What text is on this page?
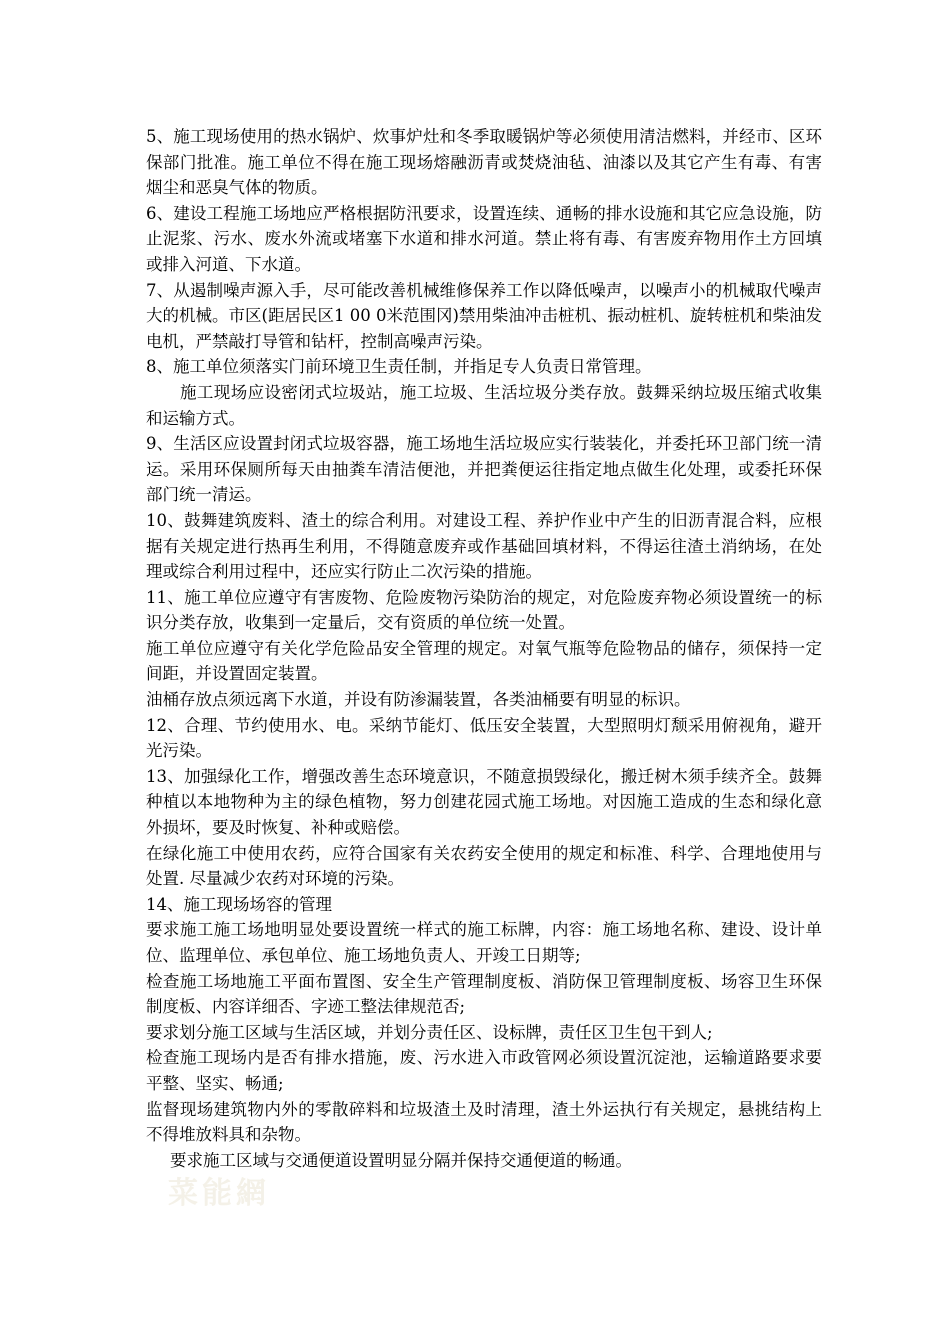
5、施工现场使用的热水锅炉、炊事炉灶和冬季取暖锅炉等必须使用清洁燃料，并经市、区环保部门批准。施工单位不得在施工现场熔融沥青或焚烧油毡、油漆以及其它产生有毒、有害烟尘和恶臭气体的物质。

6、建设工程施工场地应严格根据防汛要求，设置连续、通畅的排水设施和其它应急设施，防止泥浆、污水、废水外流或堵塞下水道和排水河道。禁止将有毒、有害废弃物用作土方回填或排入河道、下水道。

7、从遏制噪声源入手，尽可能改善机械维修保养工作以降低噪声，以噪声小的机械取代噪声大的机械。市区(距居民区1 00 0米范围冈)禁用柴油冲击桩机、振动桩机、旋转桩机和柴油发电机，严禁敲打导管和钻杆，控制高噪声污染。

8、施工单位须落实门前环境卫生责任制，并指足专人负责日常管理。

施工现场应设密闭式垃圾站，施工垃圾、生活垃圾分类存放。鼓舞采纳垃圾压缩式收集和运输方式。

9、生活区应设置封闭式垃圾容器，施工场地生活垃圾应实行装装化，并委托环卫部门统一清运。采用环保厕所每天由抽粪车清洁便池，并把粪便运往指定地点做生化处理，或委托环保部门统一清运。

10、鼓舞建筑废料、渣土的综合利用。对建设工程、养护作业中产生的旧沥青混合料，应根据有关规定进行热再生利用，不得随意废弃或作基础回填材料，不得运往渣土消纳场，在处理或综合利用过程中，还应实行防止二次污染的措施。

11、施工单位应遵守有害废物、危险废物污染防治的规定，对危险废弃物必须设置统一的标识分类存放，收集到一定量后，交有资质的单位统一处置。

施工单位应遵守有关化学危险品安全管理的规定。对氧气瓶等危险物品的储存，须保持一定间距，并设置固定装置。

油桶存放点须远离下水道，并设有防渗漏装置，各类油桶要有明显的标识。

12、合理、节约使用水、电。采纳节能灯、低压安全装置，大型照明灯颓采用俯视角，避开光污染。

13、加强绿化工作，增强改善生态环境意识，不随意损毁绿化，搬迁树木须手续齐全。鼓舞种植以本地物种为主的绿色植物，努力创建花园式施工场地。对因施工造成的生态和绿化意外损坏，要及时恢复、补种或赔偿。

在绿化施工中使用农药，应符合国家有关农药安全使用的规定和标准、科学、合理地使用与处置. 尽量减少农药对环境的污染。

14、施工现场场容的管理

要求施工施工场地明显处要设置统一样式的施工标牌，内容：施工场地名称、建设、设计单位、监理单位、承包单位、施工场地负责人、开竣工日期等;

检查施工场地施工平面布置图、安全生产管理制度板、消防保卫管理制度板、场容卫生环保制度板、内容详细否、字迹工整法律规范否;

要求划分施工区域与生活区域，并划分责任区、设标牌，责任区卫生包干到人;

检查施工现场内是否有排水措施，废、污水进入市政管网必须设置沉淀池，运输道路要求要平整、坚实、畅通;

监督现场建筑物内外的零散碎料和垃圾渣土及时清理，渣土外运执行有关规定，悬挑结构上不得堆放料具和杂物。

要求施工区域与交通便道设置明显分隔并保持交通便道的畅通。

菜能網
